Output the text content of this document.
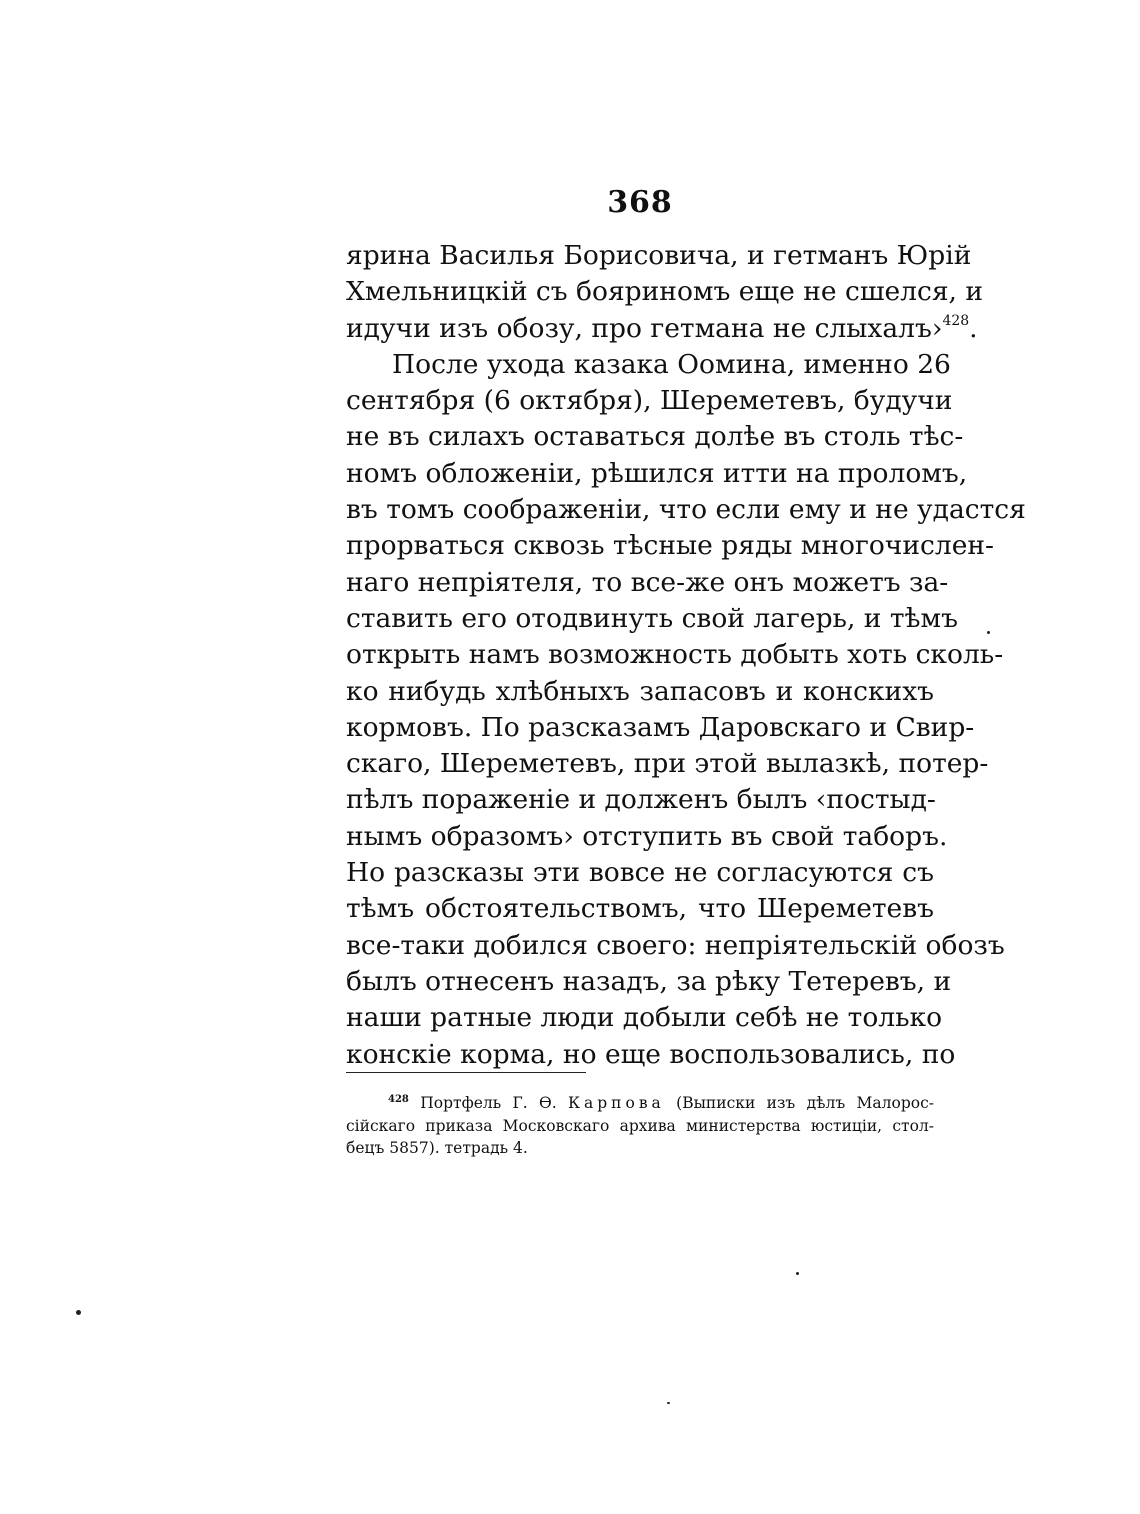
368
ярина Василья Борисовича, и гетманъ Юрій
Хмельницкій съ бояриномъ еще не сшелся, и
идучи изъ обозу, про гетмана не слыхалъ›$^{428}$.
После ухода казака Оомина, именно 26
сентября (6 октября), Шереметевъ, будучи
не въ силахъ оставаться долѣе въ столь тѣс-
номъ обложеніи, рѣшился итти на проломъ,
въ томъ соображеніи, что если ему и не удастся
прорваться сквозь тѣсные ряды многочислен-
наго непріятеля, то все-же онъ можетъ за-
ставить его отодвинуть свой лагерь, и тѣмъ
открыть намъ возможность добыть хоть сколь-
ко нибудь хлѣбныхъ запасовъ и конскихъ
кормовъ. По разсказамъ Даровскаго и Свир-
скаго, Шереметевъ, при этой вылазкѣ, потер-
пѣлъ пораженіе и долженъ былъ ‹постыд-
нымъ образомъ› отступить въ свой таборъ.
Но разсказы эти вовсе не согласуются съ
тѣмъ обстоятельствомъ, что Шереметевъ
все-таки добился своего: непріятельскій обозъ
былъ отнесенъ назадъ, за рѣку Тетеревъ, и
наши ратные люди добыли себѣ не только
конскіе корма, но еще воспользовались, по
$^{428}$ Портфель Г. Ѳ. Карпова (Выписки изъ дѣлъ Малорос-
сійскаго приказа Московскаго архива министерства юстиціи, стол-
бецъ 5857). тетрадь 4.
